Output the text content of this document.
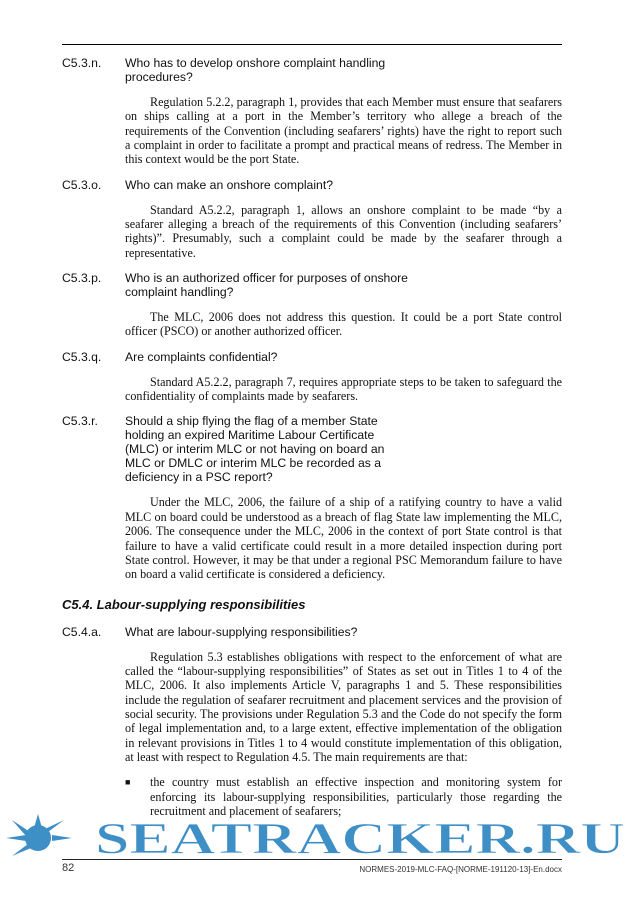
C5.3.n. Who has to develop onshore complaint handling procedures?
Regulation 5.2.2, paragraph 1, provides that each Member must ensure that seafarers on ships calling at a port in the Member’s territory who allege a breach of the requirements of the Convention (including seafarers’ rights) have the right to report such a complaint in order to facilitate a prompt and practical means of redress. The Member in this context would be the port State.
C5.3.o. Who can make an onshore complaint?
Standard A5.2.2, paragraph 1, allows an onshore complaint to be made “by a seafarer alleging a breach of the requirements of this Convention (including seafarers’ rights)”. Presumably, such a complaint could be made by the seafarer through a representative.
C5.3.p. Who is an authorized officer for purposes of onshore complaint handling?
The MLC, 2006 does not address this question. It could be a port State control officer (PSCO) or another authorized officer.
C5.3.q. Are complaints confidential?
Standard A5.2.2, paragraph 7, requires appropriate steps to be taken to safeguard the confidentiality of complaints made by seafarers.
C5.3.r. Should a ship flying the flag of a member State holding an expired Maritime Labour Certificate (MLC) or interim MLC or not having on board an MLC or DMLC or interim MLC be recorded as a deficiency in a PSC report?
Under the MLC, 2006, the failure of a ship of a ratifying country to have a valid MLC on board could be understood as a breach of flag State law implementing the MLC, 2006. The consequence under the MLC, 2006 in the context of port State control is that failure to have a valid certificate could result in a more detailed inspection during port State control. However, it may be that under a regional PSC Memorandum failure to have on board a valid certificate is considered a deficiency.
C5.4. Labour-supplying responsibilities
C5.4.a. What are labour-supplying responsibilities?
Regulation 5.3 establishes obligations with respect to the enforcement of what are called the “labour-supplying responsibilities” of States as set out in Titles 1 to 4 of the MLC, 2006. It also implements Article V, paragraphs 1 and 5. These responsibilities include the regulation of seafarer recruitment and placement services and the provision of social security. The provisions under Regulation 5.3 and the Code do not specify the form of legal implementation and, to a large extent, effective implementation of the obligation in relevant provisions in Titles 1 to 4 would constitute implementation of this obligation, at least with respect to Regulation 4.5. The main requirements are that:
■ the country must establish an effective inspection and monitoring system for enforcing its labour-supplying responsibilities, particularly those regarding the recruitment and placement of seafarers;
SEATRACKER.RU
82	NORMES-2019-MLC-FAQ-[NORME-191120-13]-En.docx
